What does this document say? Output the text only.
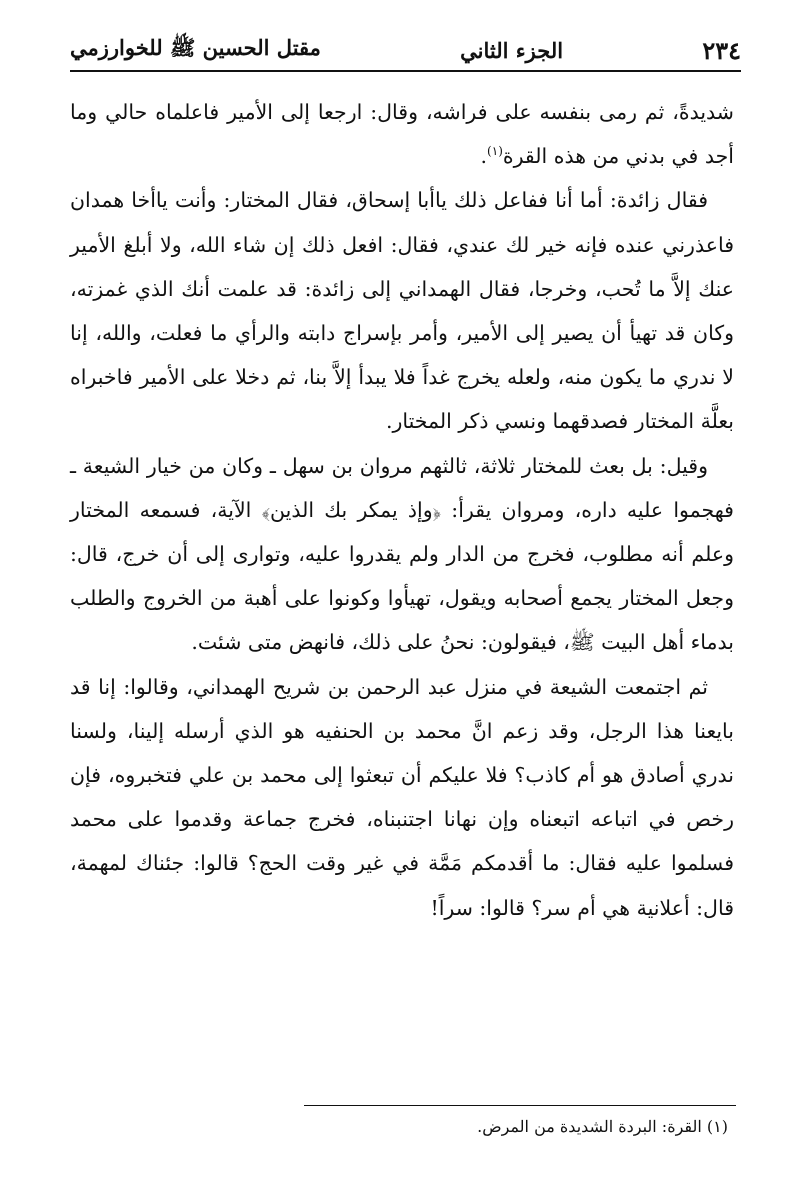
٢٣٤
الجزء الثاني
مقتل الحسين ﷺ للخوارزمي

شديدةً، ثم رمى بنفسه على فراشه، وقال: ارجعا إلى الأمير فاعلماه حالي وما أجد في بدني من هذه القرة$^{(١)}$.

فقال زائدة: أما أنا ففاعل ذلك ياأبا إسحاق، فقال المختار: وأنت ياأخا همدان فاعذرني عنده فإنه خير لك عندي، فقال: افعل ذلك إن شاء الله، ولا أبلغ الأمير عنك إلاَّ ما تُحب، وخرجا، فقال الهمداني إلى زائدة: قد علمت أنك الذي غمزته، وكان قد تهيأ أن يصير إلى الأمير، وأمر بإسراج دابته والرأي ما فعلت، والله، إنا لا ندري ما يكون منه، ولعله يخرج غداً فلا يبدأ إلاَّ بنا، ثم دخلا على الأمير فاخبراه بعلَّة المختار فصدقهما ونسي ذكر المختار.

وقيل: بل بعث للمختار ثلاثة، ثالثهم مروان بن سهل ـ وكان من خيار الشيعة ـ فهجموا عليه داره، ومروان يقرأ: ﴿وإذ يمكر بك الذين﴾ الآية، فسمعه المختار وعلم أنه مطلوب، فخرج من الدار ولم يقدروا عليه، وتوارى إلى أن خرج، قال: وجعل المختار يجمع أصحابه ويقول، تهيأوا وكونوا على أهبة من الخروج والطلب بدماء أهل البيت ﷺ، فيقولون: نحنُ على ذلك، فانهض متى شئت.

ثم اجتمعت الشيعة في منزل عبد الرحمن بن شريح الهمداني، وقالوا: إنا قد بايعنا هذا الرجل، وقد زعم انَّ محمد بن الحنفيه هو الذي أرسله إلينا، ولسنا ندري أصادق هو أم كاذب؟ فلا عليكم أن تبعثوا إلى محمد بن علي فتخبروه، فإن رخص في اتباعه اتبعناه وإن نهانا اجتنبناه، فخرج جماعة وقدموا على محمد فسلموا عليه فقال: ما أقدمكم مَمَّة في غير وقت الحج؟ قالوا: جئناك لمهمة، قال: أعلانية هي أم سر؟ قالوا: سراً!

(١) القرة: البردة الشديدة من المرض.
